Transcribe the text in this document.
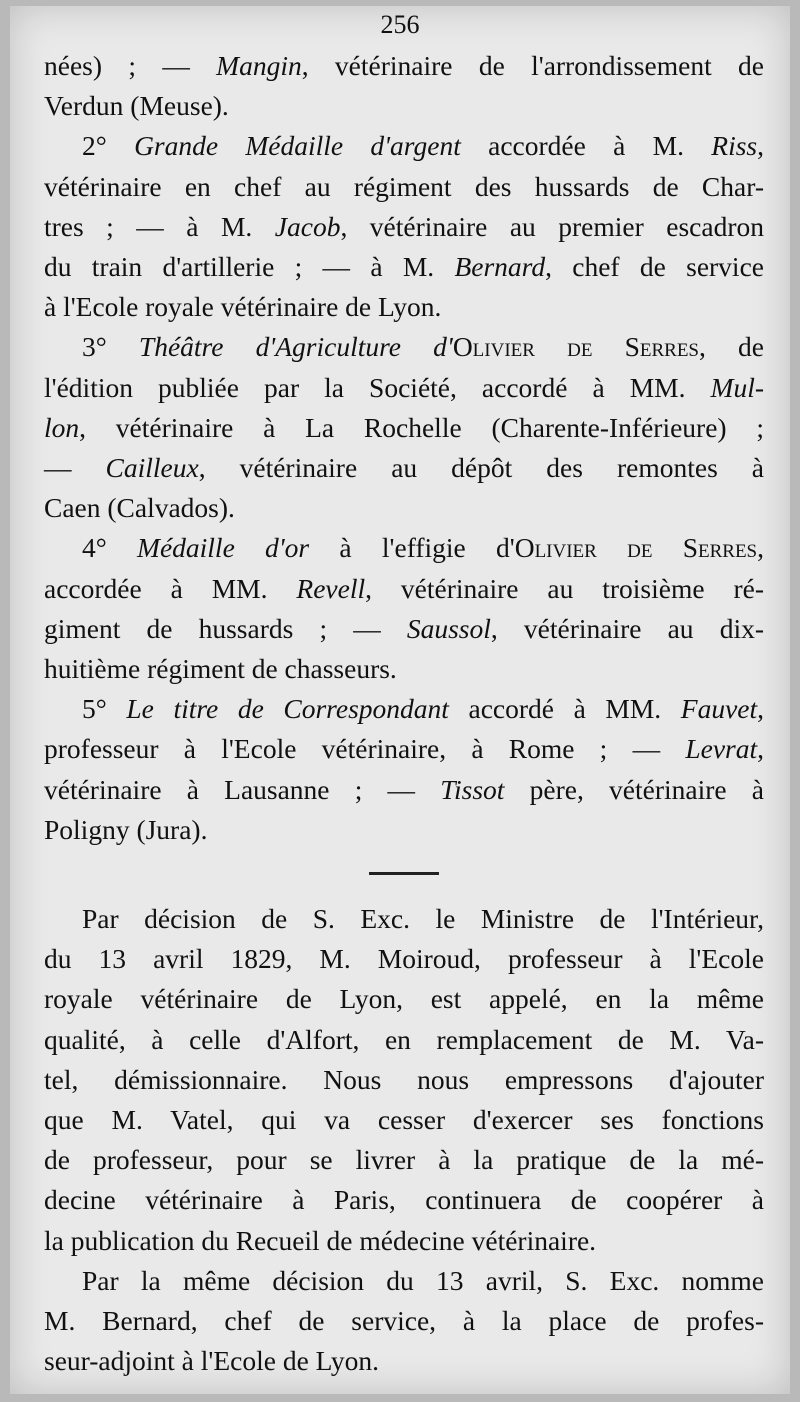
256
nées) ; — Mangin, vétérinaire de l'arrondissement de
Verdun (Meuse).
2° Grande Médaille d'argent accordée à M. Riss,
vétérinaire en chef au régiment des hussards de Char-
tres ; — à M. Jacob, vétérinaire au premier escadron
du train d'artillerie ; — à M. Bernard, chef de service
à l'Ecole royale vétérinaire de Lyon.
3° Théâtre d'Agriculture d'Olivier de Serres, de
l'édition publiée par la Société, accordé à MM. Mul-
lon, vétérinaire à La Rochelle (Charente-Inférieure) ;
— Cailleux, vétérinaire au dépôt des remontes à
Caen (Calvados).
4° Médaille d'or à l'effigie d'Olivier de Serres,
accordée à MM. Revell, vétérinaire au troisième ré-
giment de hussards ; — Saussol, vétérinaire au dix-
huitième régiment de chasseurs.
5° Le titre de Correspondant accordé à MM. Fauvet,
professeur à l'Ecole vétérinaire, à Rome ; — Levrat,
vétérinaire à Lausanne ; — Tissot père, vétérinaire à
Poligny (Jura).
Par décision de S. Exc. le Ministre de l'Intérieur,
du 13 avril 1829, M. Moiroud, professeur à l'Ecole
royale vétérinaire de Lyon, est appelé, en la même
qualité, à celle d'Alfort, en remplacement de M. Va-
tel, démissionnaire. Nous nous empressons d'ajouter
que M. Vatel, qui va cesser d'exercer ses fonctions
de professeur, pour se livrer à la pratique de la mé-
decine vétérinaire à Paris, continuera de coopérer à
la publication du Recueil de médecine vétérinaire.
Par la même décision du 13 avril, S. Exc. nomme
M. Bernard, chef de service, à la place de profes-
seur-adjoint à l'Ecole de Lyon.
